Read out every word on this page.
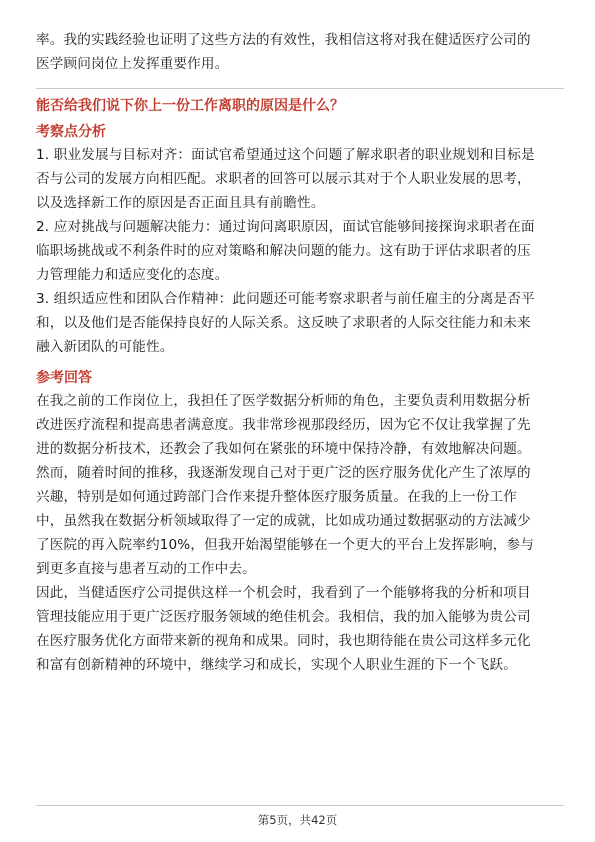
率。我的实践经验也证明了这些方法的有效性，我相信这将对我在健适医疗公司的

医学顾问岗位上发挥重要作用。

能否给我们说下你上一份工作离职的原因是什么？
考察点分析

1. 职业发展与目标对齐：面试官希望通过这个问题了解求职者的职业规划和目标是

否与公司的发展方向相匹配。求职者的回答可以展示其对于个人职业发展的思考，

以及选择新工作的原因是否正面且具有前瞻性。

2. 应对挑战与问题解决能力：通过询问离职原因，面试官能够间接探询求职者在面

临职场挑战或不利条件时的应对策略和解决问题的能力。这有助于评估求职者的压

力管理能力和适应变化的态度。

3. 组织适应性和团队合作精神：此问题还可能考察求职者与前任雇主的分离是否平

和，以及他们是否能保持良好的人际关系。这反映了求职者的人际交往能力和未来

融入新团队的可能性。

参考回答

在我之前的工作岗位上，我担任了医学数据分析师的角色，主要负责利用数据分析

改进医疗流程和提高患者满意度。我非常珍视那段经历，因为它不仅让我掌握了先

进的数据分析技术，还教会了我如何在紧张的环境中保持冷静，有效地解决问题。

然而，随着时间的推移，我逐渐发现自己对于更广泛的医疗服务优化产生了浓厚的

兴趣，特别是如何通过跨部门合作来提升整体医疗服务质量。在我的上一份工作

中，虽然我在数据分析领域取得了一定的成就，比如成功通过数据驱动的方法减少

了医院的再入院率约10%，但我开始渴望能够在一个更大的平台上发挥影响，参与

到更多直接与患者互动的工作中去。

因此，当健适医疗公司提供这样一个机会时，我看到了一个能够将我的分析和项目

管理技能应用于更广泛医疗服务领域的绝佳机会。我相信，我的加入能够为贵公司

在医疗服务优化方面带来新的视角和成果。同时，我也期待能在贵公司这样多元化

和富有创新精神的环境中，继续学习和成长，实现个人职业生涯的下一个飞跃。

第5页，共42页
